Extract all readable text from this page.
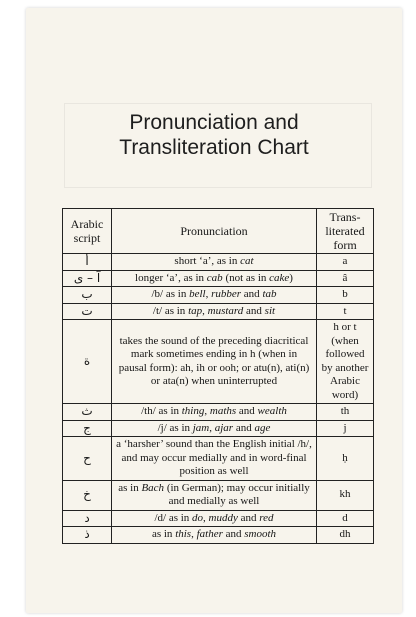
Pronunciation and
Transliteration Chart
Arabic script	Pronunciation	Trans-literated form
أ	short ‘a’, as in cat	a
آ – ى	longer ‘a’, as in cab (not as in cake)	â
ب	/b/ as in bell, rubber and tab	b
ت	/t/ as in tap, mustard and sit	t
ة	takes the sound of the preceding diacritical mark sometimes ending in h (when in pausal form): ah, ih or ooh; or atu(n), ati(n) or ata(n) when uninterrupted	h or t (when followed by another Arabic word)
ث	/th/ as in thing, maths and wealth	th
ج	/j/ as in jam, ajar and age	j
ح	a ‘harsher’ sound than the English initial /h/, and may occur medially and in word-final position as well	ḥ
خ	as in Bach (in German); may occur initially and medially as well	kh
د	/d/ as in do, muddy and red	d
ذ	as in this, father and smooth	dh
